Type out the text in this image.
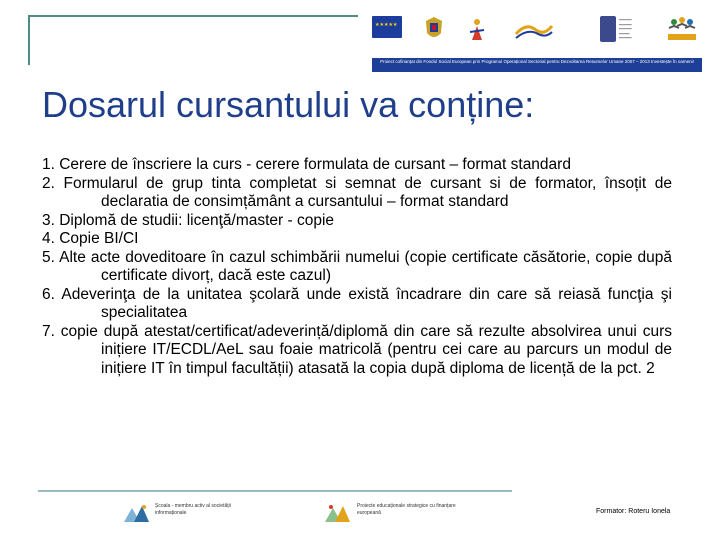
★★★★★
━━━━━━
━━━━━━
━━━━━━
━━━━━
━━━━━━
Proiect cofinanțat din Fondul Social European prin Programul Operațional Sectorial pentru Dezvoltarea Resurselor Umane 2007 – 2013 Investește în oameni!
Dosarul cursantului va conține:
1. Cerere de înscriere la curs - cerere formulata de cursant – format standard
2. Formularul de grup tinta completat si semnat de cursant si de formator, însoțit de declaratia de consimțământ a cursantului – format standard
3. Diplomă de studii: licenţă/master - copie
4. Copie BI/CI
5. Alte acte doveditoare în cazul schimbării numelui (copie certificate căsătorie, copie după certificate divorț, dacă este cazul)
6. Adeverinţa de la unitatea şcolară unde există încadrare din care să reiasă funcţia şi specialitatea
7. copie după atestat/certificat/adeverință/diplomă din care să rezulte absolvirea unui curs inițiere IT/ECDL/AeL sau foaie matricolă (pentru cei care au parcurs un modul de inițiere IT în timpul facultății) atasată la copia după diploma de licență de la pct. 2
Școala - membru activ al societății informaționale
Proiecte educaționale strategice cu finanțare europeană	Formator: Roteru Ionela
